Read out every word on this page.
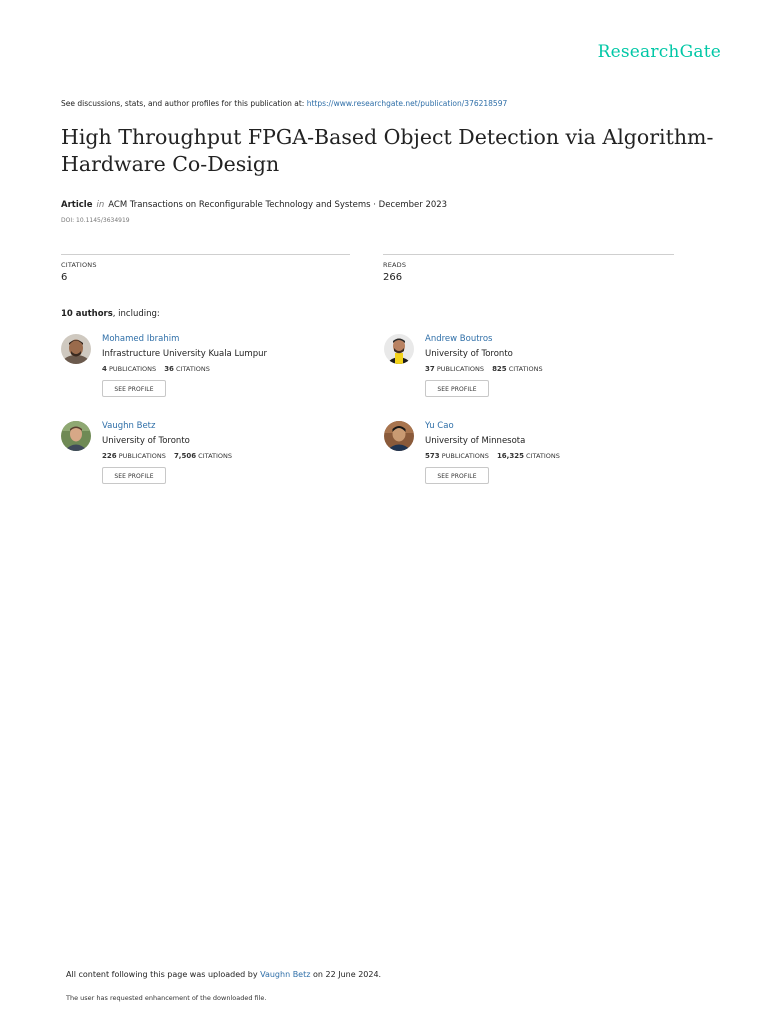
ResearchGate
See discussions, stats, and author profiles for this publication at: https://www.researchgate.net/publication/376218597
High Throughput FPGA-Based Object Detection via Algorithm-
Hardware Co-Design
Article in ACM Transactions on Reconfigurable Technology and Systems · December 2023
DOI: 10.1145/3634919
CITATIONS
6
READS
266
10 authors, including:
Mohamed Ibrahim
Infrastructure University Kuala Lumpur
4 PUBLICATIONS 36 CITATIONS
SEE PROFILE
Andrew Boutros
University of Toronto
37 PUBLICATIONS 825 CITATIONS
SEE PROFILE
Vaughn Betz
University of Toronto
226 PUBLICATIONS 7,506 CITATIONS
SEE PROFILE
Yu Cao
University of Minnesota
573 PUBLICATIONS 16,325 CITATIONS
SEE PROFILE
All content following this page was uploaded by Vaughn Betz on 22 June 2024.
The user has requested enhancement of the downloaded file.
